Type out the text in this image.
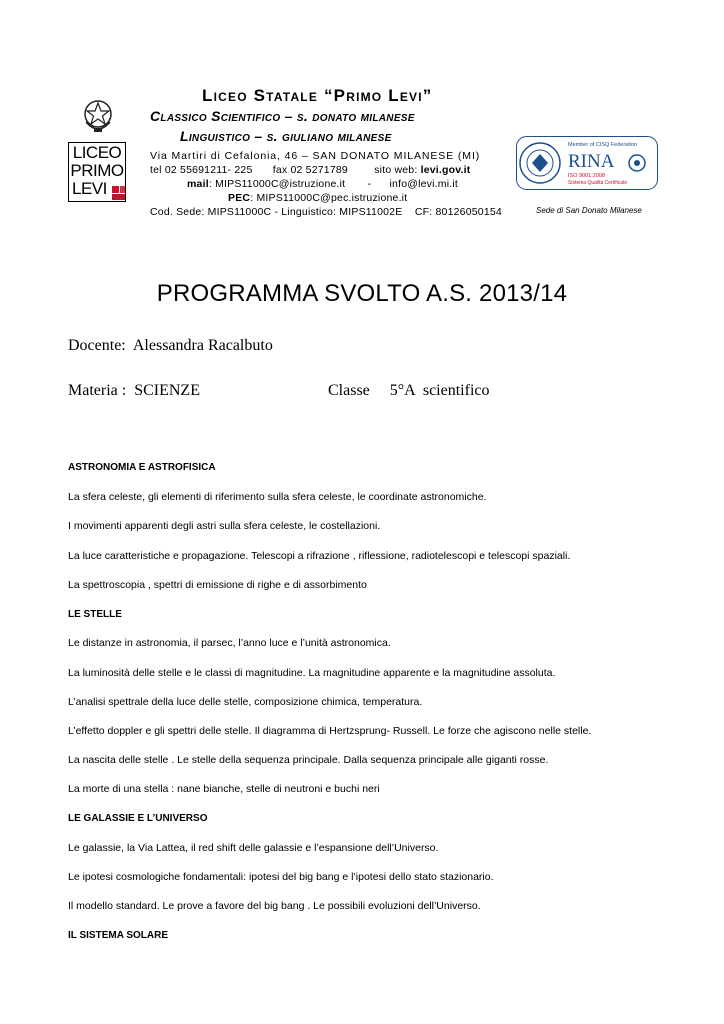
LICEO
PRIMO
LEVI
Liceo Statale “Primo Levi”
Classico Scientifico – s. donato milanese
Linguistico – s. giuliano milanese
Via Martiri di Cefalonia, 46 – SAN DONATO MILANESE (MI)
tel 02 55691211- 225 fax 02 5271789	sito web: levi.gov.it
mail: MIPS11000C@istruzione.it - info@levi.mi.it
PEC: MIPS11000C@pec.istruzione.it
Cod. Sede: MIPS11000C - Linguistico: MIPS11002E    CF: 80126050154
Member of CISQ Federation
RINA
ISO 9001:2008
Sistema Qualità Certificato
Sede di San Donato Milanese
PROGRAMMA SVOLTO A.S. 2013/14
Docente:  Alessandra Racalbuto
Materia :  SCIENZE	Classe     5°A  scientifico
ASTRONOMIA E ASTROFISICA
La sfera celeste, gli elementi di riferimento sulla sfera celeste, le coordinate astronomiche.
I movimenti apparenti degli astri sulla sfera celeste, le costellazioni.
La luce caratteristiche e propagazione. Telescopi a rifrazione , riflessione, radiotelescopi e telescopi spaziali.
La spettroscopia , spettri di emissione di righe e di assorbimento
LE STELLE
Le distanze in astronomia, il parsec, l’anno luce e l’unità astronomica.
La luminosità delle stelle e le classi di magnitudine. La magnitudine apparente e la magnitudine assoluta.
L’analisi spettrale della luce delle stelle, composizione chimica, temperatura.
L’effetto doppler e gli spettri delle stelle. Il diagramma di Hertzsprung- Russell. Le forze che agiscono nelle stelle.
La nascita delle stelle . Le stelle della sequenza principale. Dalla sequenza principale alle giganti rosse.
La morte di una stella : nane bianche, stelle di neutroni e buchi neri
LE GALASSIE E L’UNIVERSO
Le galassie, la Via Lattea, il red shift delle galassie e l’espansione dell’Universo.
Le ipotesi cosmologiche fondamentali: ipotesi del big bang e l’ipotesi dello stato stazionario.
Il modello standard. Le prove a favore del big bang . Le possibili evoluzioni dell’Universo.
IL SISTEMA SOLARE
